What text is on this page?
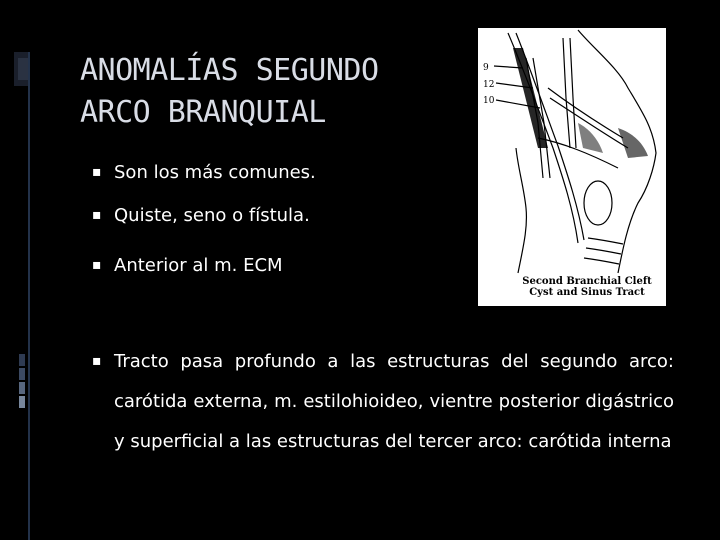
ANOMALÍAS SEGUNDO
ARCO BRANQUIAL
▪ Son los más comunes.
▪ Quiste, seno o fístula.
▪ Anterior al m. ECM
▪ Tracto pasa profundo a las estructuras del segundo arco: carótida externa, m. estilohioideo, vientre posterior digástrico y superficial a las estructuras del tercer arco: carótida interna
9
12
10
Second Branchial Cleft
Cyst and Sinus Tract
